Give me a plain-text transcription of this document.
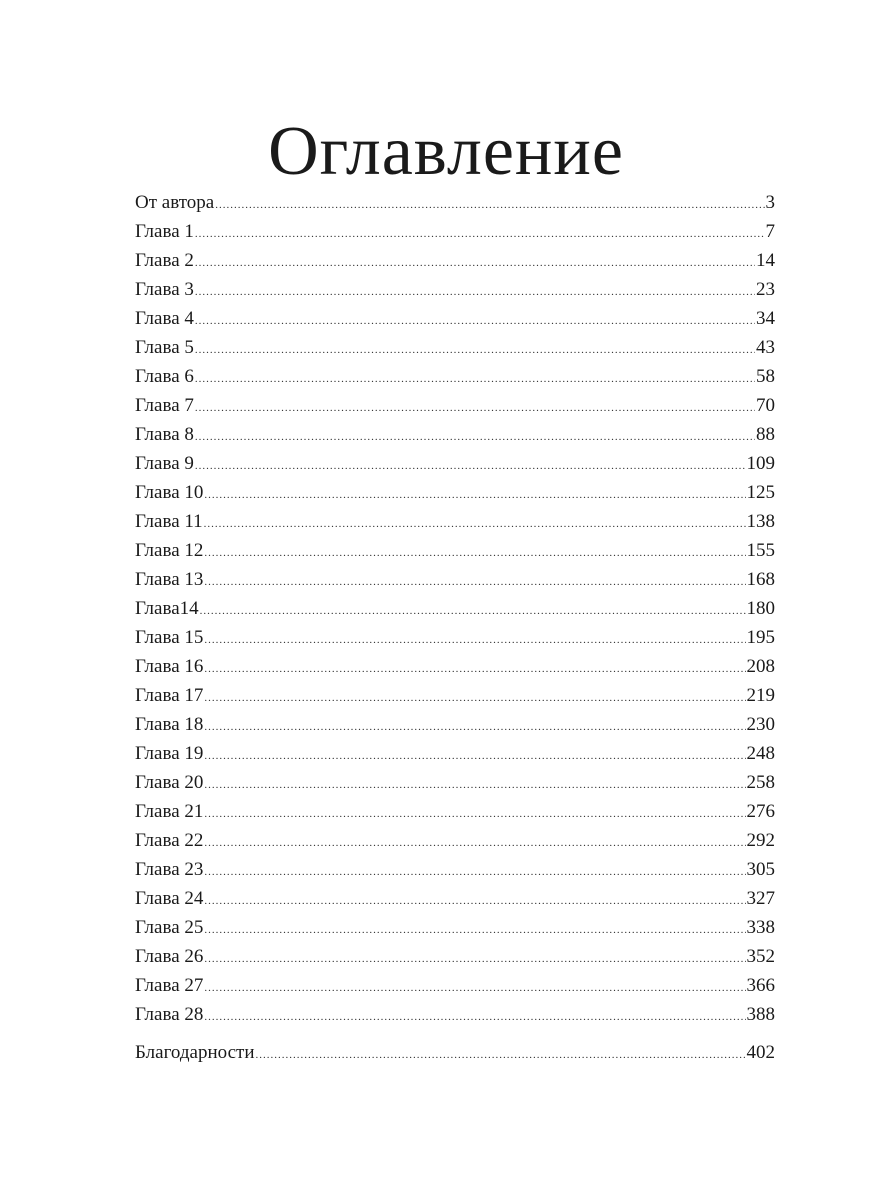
Оглавление
От автора .....	3
Глава 1 .....	7
Глава 2 .....	14
Глава 3 .....	23
Глава 4 .....	34
Глава 5 .....	43
Глава 6 .....	58
Глава 7 .....	70
Глава 8 .....	88
Глава 9 .....	109
Глава 10 .....	125
Глава 11 .....	138
Глава 12 .....	155
Глава 13 .....	168
Глава14 .....	180
Глава 15 .....	195
Глава 16 .....	208
Глава 17 .....	219
Глава 18 .....	230
Глава 19 .....	248
Глава 20 .....	258
Глава 21 .....	276
Глава 22 .....	292
Глава 23 .....	305
Глава 24 .....	327
Глава 25 .....	338
Глава 26 .....	352
Глава 27 .....	366
Глава 28 .....	388
Благодарности .....	402
